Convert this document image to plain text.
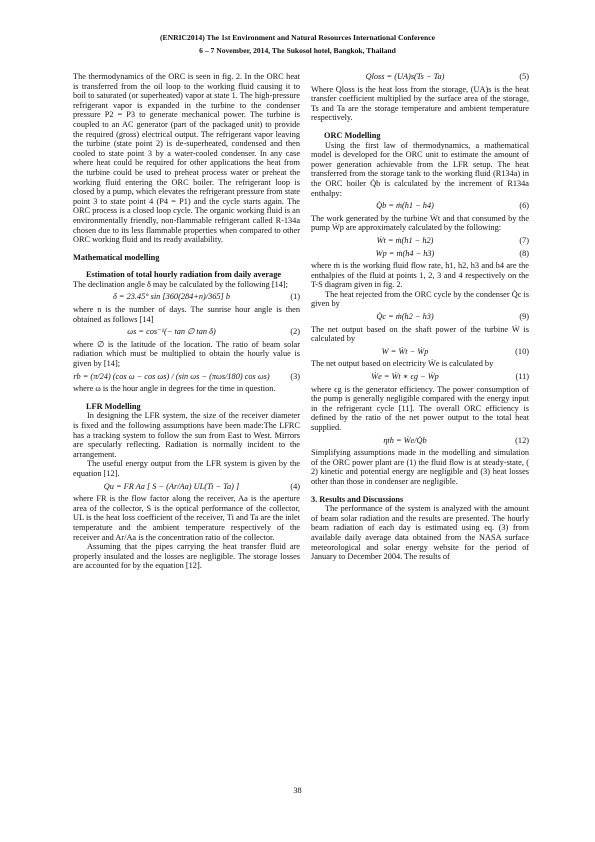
(ENRIC2014) The 1st Environment and Natural Resources International Conference
6 – 7 November, 2014, The Sukosol hotel, Bangkok, Thailand

The thermodynamics of the ORC is seen in fig. 2. In the ORC heat is transferred from the oil loop to the working fluid causing it to boil to saturated (or superheated) vapor at state 1. The high-pressure refrigerant vapor is expanded in the turbine to the condenser pressure P2 = P3 to generate mechanical power. The turbine is coupled to an AC generator (part of the packaged unit) to provide the required (gross) electrical output. The refrigerant vapor leaving the turbine (state point 2) is de-superheated, condensed and then cooled to state point 3 by a water-cooled condenser. In any case where heat could be required for other applications the heat from the turbine could be used to preheat process water or preheat the working fluid entering the ORC boiler. The refrigerant loop is closed by a pump, which elevates the refrigerant pressure from state point 3 to state point 4 (P4 = P1) and the cycle starts again. The ORC process is a closed loop cycle. The organic working fluid is an environmentally friendly, non-flammable refrigerant called R-134a chosen due to its less flammable properties when compared to other ORC working fluid and its ready availability.

Mathematical modelling

Estimation of total hourly radiation from daily average

The declination angle δ may be calculated by the following [14];

δ = 23.45° sin [360(284+n)/365] b	(1)

where n is the number of days. The sunrise hour angle is then obtained as follows [14]

ωs = cos⁻¹(− tan ∅ tan δ)	(2)

where ∅ is the latitude of the location. The ratio of beam solar radiation which must be multiplied to obtain the hourly value is given by [14];

rb = (π/24) (cos ω − cos ωs) / (sin ωs − (πωs/180) cos ωs)	(3)

where ω is the hour angle in degrees for the time in question.

LFR Modelling

In designing the LFR system, the size of the receiver diameter is fixed and the following assumptions have been made:The LFRC has a tracking system to follow the sun from East to West. Mirrors are specularly reflecting. Radiation is normally incident to the arrangement.

The useful energy output from the LFR system is given by the equation [12].

Qu = FR Aa [ S − (Ar/Aa) UL(Ti − Ta) ]	(4)

where FR is the flow factor along the receiver, Aa is the aperture area of the collector, S is the optical performance of the collector, UL is the heat loss coefficient of the receiver, Ti and Ta are the inlet temperature and the ambient temperature respectively of the receiver and Ar/Aa is the concentration ratio of the collector.

Assuming that the pipes carrying the heat transfer fluid are properly insulated and the losses are negligible. The storage losses are accounted for by the equation [12].

Qloss = (UA)s(Ts − Ta)	(5)

Where Qloss is the heat loss from the storage, (UA)s is the heat transfer coefficient multiplied by the surface area of the storage, Ts and Ta are the storage temperature and ambient temperature respectively.

ORC Modelling

Using the first law of thermodynamics, a mathematical model is developed for the ORC unit to estimate the amount of power generation achievable from the LFR setup. The heat transferred from the storage tank to the working fluid (R134a) in the ORC boiler Q̇b is calculated by the increment of R134a enthalpy:

Q̇b = ṁ(h1 − h4)	(6)

The work generated by the turbine Ẇt and that consumed by the pump Ẇp are approximately calculated by the following:

Ẇt = ṁ(h1 − h2)	(7)
Wp = ṁ(h4 − h3)	(8)

where ṁ is the working fluid flow rate, h1, h2, h3 and h4 are the enthalpies of the fluid at points 1, 2, 3 and 4 respectively on the T-S diagram given in fig. 2.

The heat rejected from the ORC cycle by the condenser Q̇c is given by

Q̇c = ṁ(h2 − h3)	(9)

The net output based on the shaft power of the turbine Ẇ is calculated by

W = Ẇt − Ẇp	(10)

The net output based on electricity Ẇe is calculated by

Ẇe = Ẇt ∗ ϵg − Ẇp	(11)

where ϵg is the generator efficiency. The power consumption of the pump is generally negligible compared with the energy input in the refrigerant cycle [11]. The overall ORC efficiency is defined by the ratio of the net power output to the total heat supplied.

ηth = Ẇe/Q̇b	(12)

Simplifying assumptions made in the modelling and simulation of the ORC power plant are (1) the fluid flow is at steady-state, ( 2) kinetic and potential energy are negligible and (3) heat losses other than those in condenser are negligible.

3. Results and Discussions

The performance of the system is analyzed with the amount of beam solar radiation and the results are presented. The hourly beam radiation of each day is estimated using eq. (3) from available daily average data obtained from the NASA surface meteorological and solar energy website for the period of January to December 2004. The results of

38
